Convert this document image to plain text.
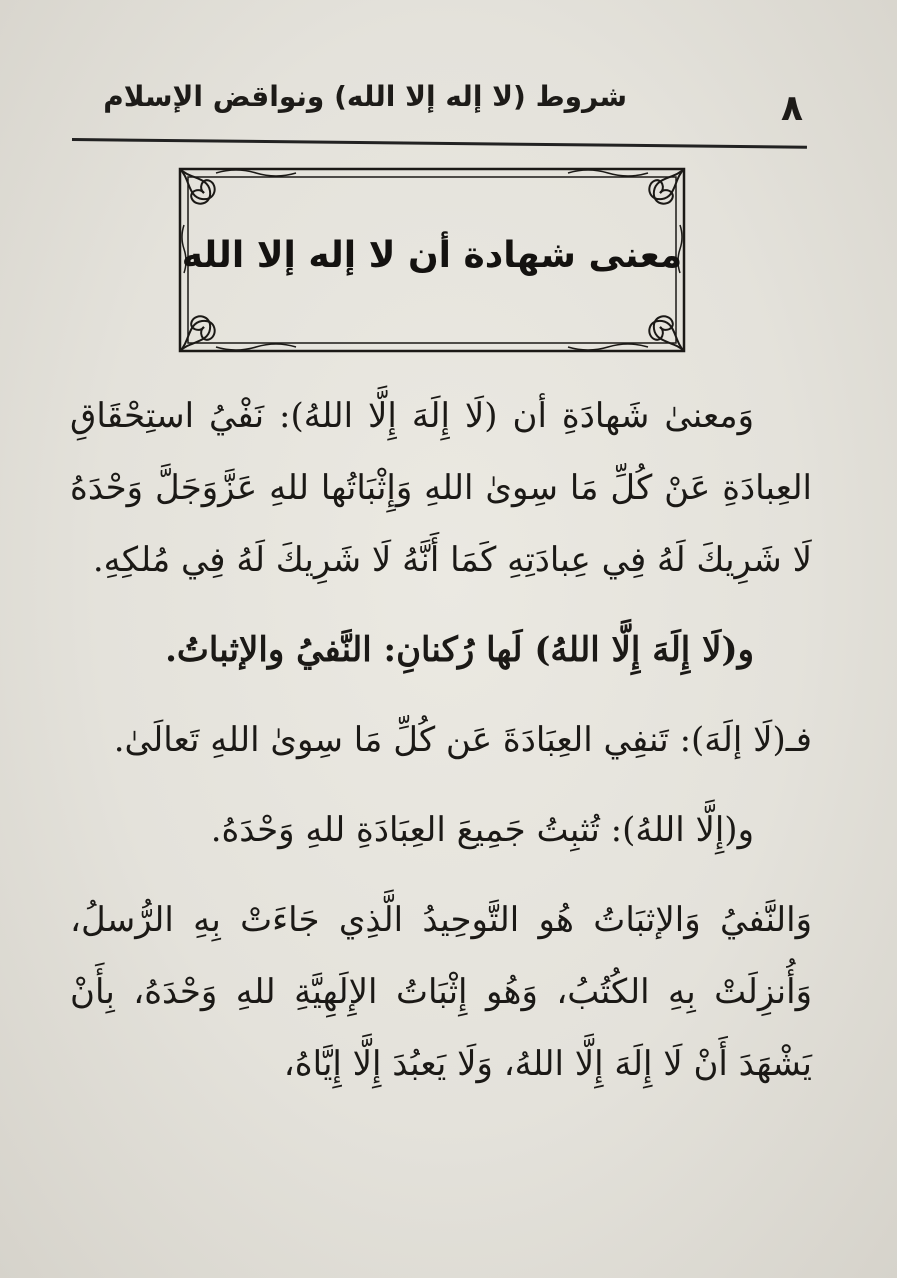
شروط (لا إله إلا الله) ونواقض الإسلام	٨
معنى شهادة أن لا إله إلا الله

وَمعنىٰ شَهادَةِ أن (لَا إِلَهَ إِلَّا اللهُ): نَفْيُ استِحْقَاقِ العِبادَةِ عَنْ كُلِّ مَا سِوىٰ اللهِ وَإِثْبَاتُها للهِ عَزَّوَجَلَّ وَحْدَهُ لَا شَرِيكَ لَهُ فِي عِبادَتِهِ كَمَا أَنَّهُ لَا شَرِيكَ لَهُ فِي مُلكِهِ.

و(لَا إِلَهَ إِلَّا اللهُ) لَها رُكنانِ: النَّفيُ والإثباتُ.

فـ(لَا إلَهَ): تَنفِي العِبَادَةَ عَن كُلِّ مَا سِوىٰ اللهِ تَعالَىٰ.

و(إِلَّا اللهُ): تُثبِتُ جَمِيعَ العِبَادَةِ للهِ وَحْدَهُ.

وَالنَّفيُ وَالإثبَاتُ هُو التَّوحِيدُ الَّذِي جَاءَتْ بِهِ الرُّسلُ، وَأُنزِلَتْ بِهِ الكُتُبُ، وَهُو إِثْبَاتُ الإِلَهِيَّةِ للهِ وَحْدَهُ، بِأَنْ يَشْهَدَ أَنْ لَا إِلَهَ إِلَّا اللهُ، وَلَا يَعبُدَ إِلَّا إِيَّاهُ،
